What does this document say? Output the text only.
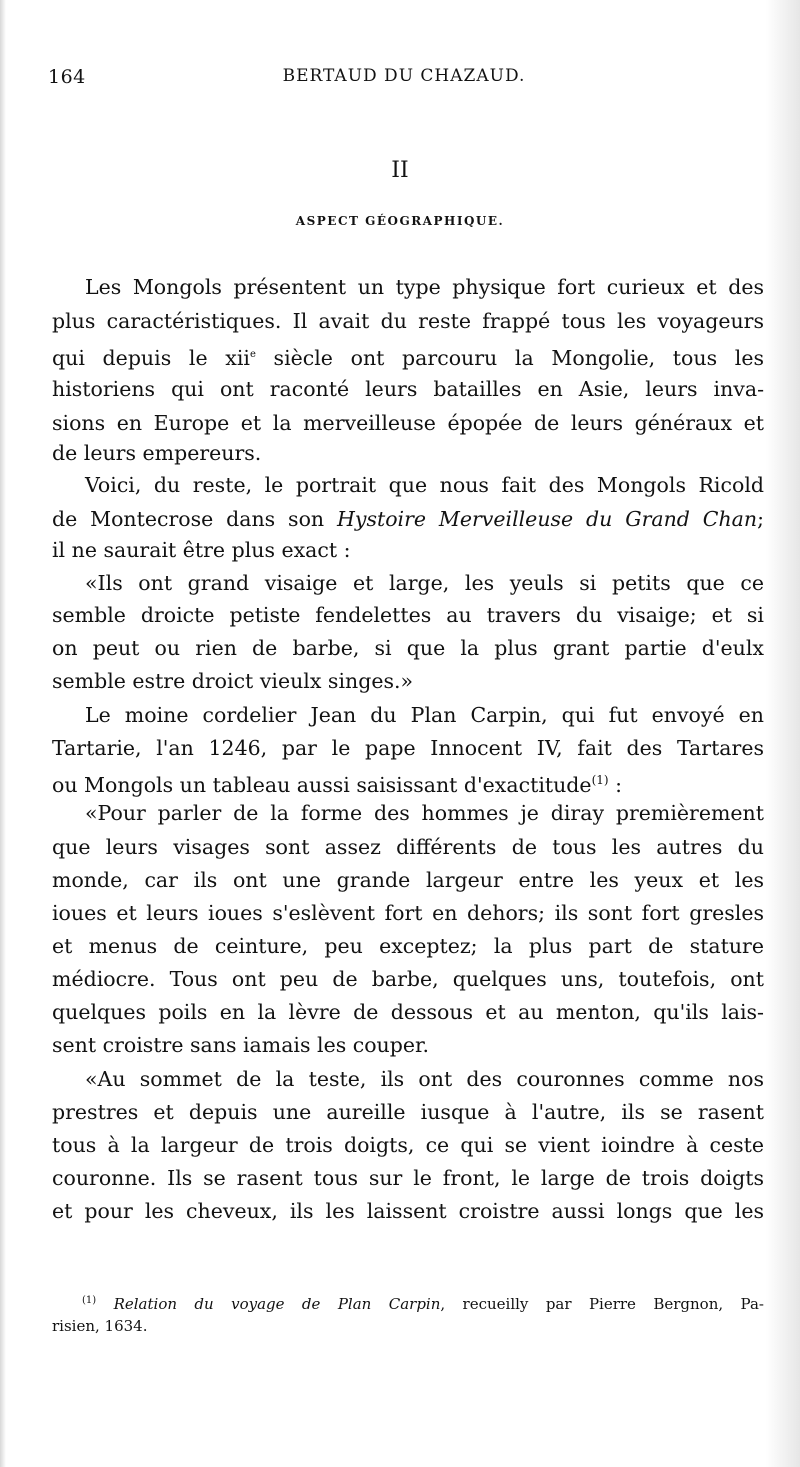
164	BERTAUD DU CHAZAUD.
II
ASPECT GÉOGRAPHIQUE.
Les Mongols présentent un type physique fort curieux et des
plus caractéristiques. Il avait du reste frappé tous les voyageurs
qui depuis le xii$^e$ siècle ont parcouru la Mongolie, tous les
historiens qui ont raconté leurs batailles en Asie, leurs inva-
sions en Europe et la merveilleuse épopée de leurs généraux et
de leurs empereurs.
Voici, du reste, le portrait que nous fait des Mongols Ricold
de Montecrose dans son Hystoire Merveilleuse du Grand Chan;
il ne saurait être plus exact :
«Ils ont grand visaige et large, les yeuls si petits que ce
semble droicte petiste fendelettes au travers du visaige; et si
on peut ou rien de barbe, si que la plus grant partie d'eulx
semble estre droict vieulx singes.»
Le moine cordelier Jean du Plan Carpin, qui fut envoyé en
Tartarie, l'an 1246, par le pape Innocent IV, fait des Tartares
ou Mongols un tableau aussi saisissant d'exactitude$^{(1)}$ :
«Pour parler de la forme des hommes je diray premièrement
que leurs visages sont assez différents de tous les autres du
monde, car ils ont une grande largeur entre les yeux et les
ioues et leurs ioues s'eslèvent fort en dehors; ils sont fort gresles
et menus de ceinture, peu exceptez; la plus part de stature
médiocre. Tous ont peu de barbe, quelques uns, toutefois, ont
quelques poils en la lèvre de dessous et au menton, qu'ils lais-
sent croistre sans iamais les couper.
«Au sommet de la teste, ils ont des couronnes comme nos
prestres et depuis une aureille iusque à l'autre, ils se rasent
tous à la largeur de trois doigts, ce qui se vient ioindre à ceste
couronne. Ils se rasent tous sur le front, le large de trois doigts
et pour les cheveux, ils les laissent croistre aussi longs que les
$^{(1)}$ Relation du voyage de Plan Carpin, recueilly par Pierre Bergnon, Pa-
risien, 1634.
